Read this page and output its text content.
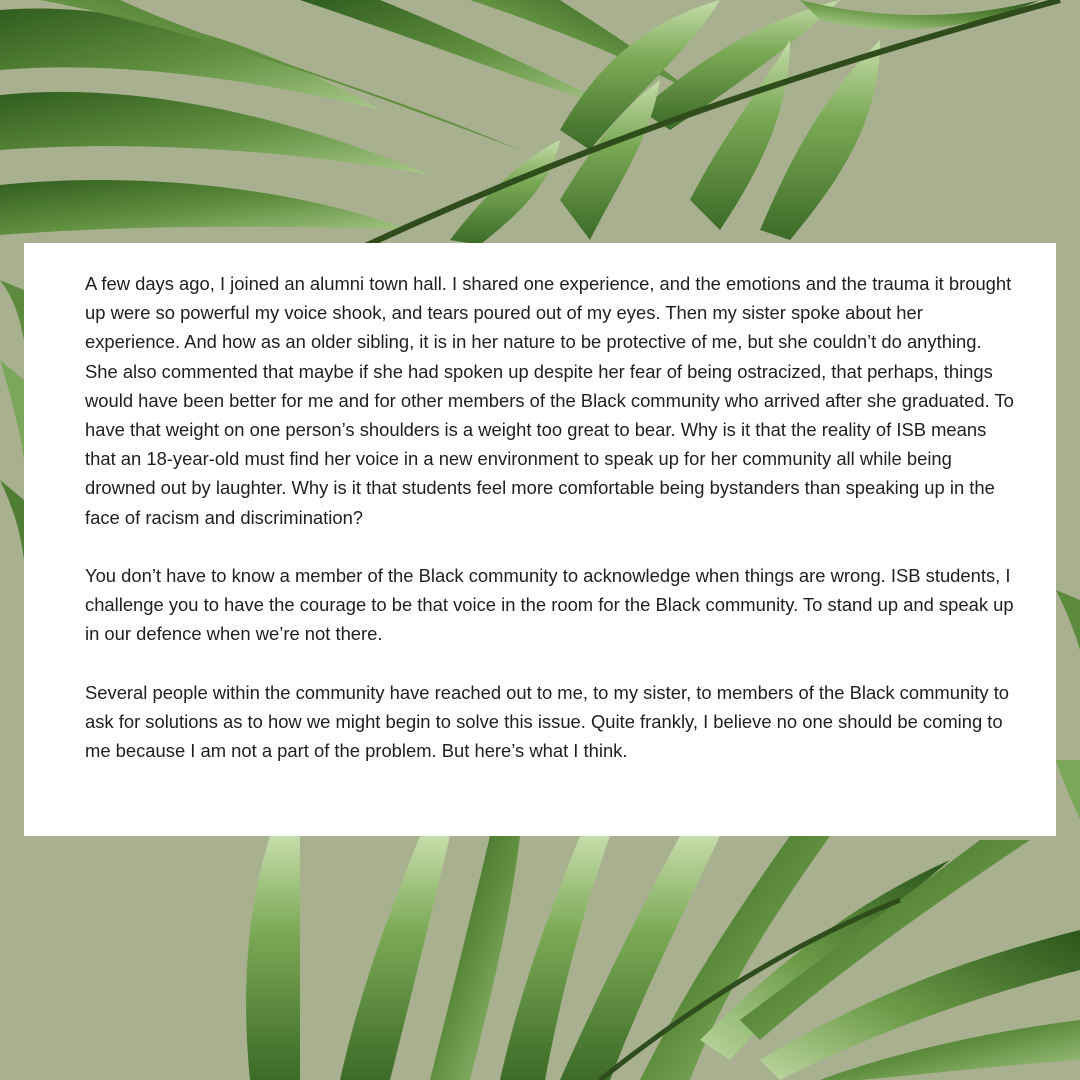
A few days ago, I joined an alumni town hall. I shared one experience, and the emotions and the trauma it brought up were so powerful my voice shook, and tears poured out of my eyes. Then my sister spoke about her experience. And how as an older sibling, it is in her nature to be protective of me, but she couldn’t do anything. She also commented that maybe if she had spoken up despite her fear of being ostracized, that perhaps, things would have been better for me and for other members of the Black community who arrived after she graduated. To have that weight on one person’s shoulders is a weight too great to bear. Why is it that the reality of ISB means that an 18-year-old must find her voice in a new environment to speak up for her community all while being drowned out by laughter. Why is it that students feel more comfortable being bystanders than speaking up in the face of racism and discrimination?

You don’t have to know a member of the Black community to acknowledge when things are wrong. ISB students, I challenge you to have the courage to be that voice in the room for the Black community. To stand up and speak up in our defence when we’re not there.

Several people within the community have reached out to me, to my sister, to members of the Black community to ask for solutions as to how we might begin to solve this issue. Quite frankly, I believe no one should be coming to me because I am not a part of the problem. But here’s what I think.
